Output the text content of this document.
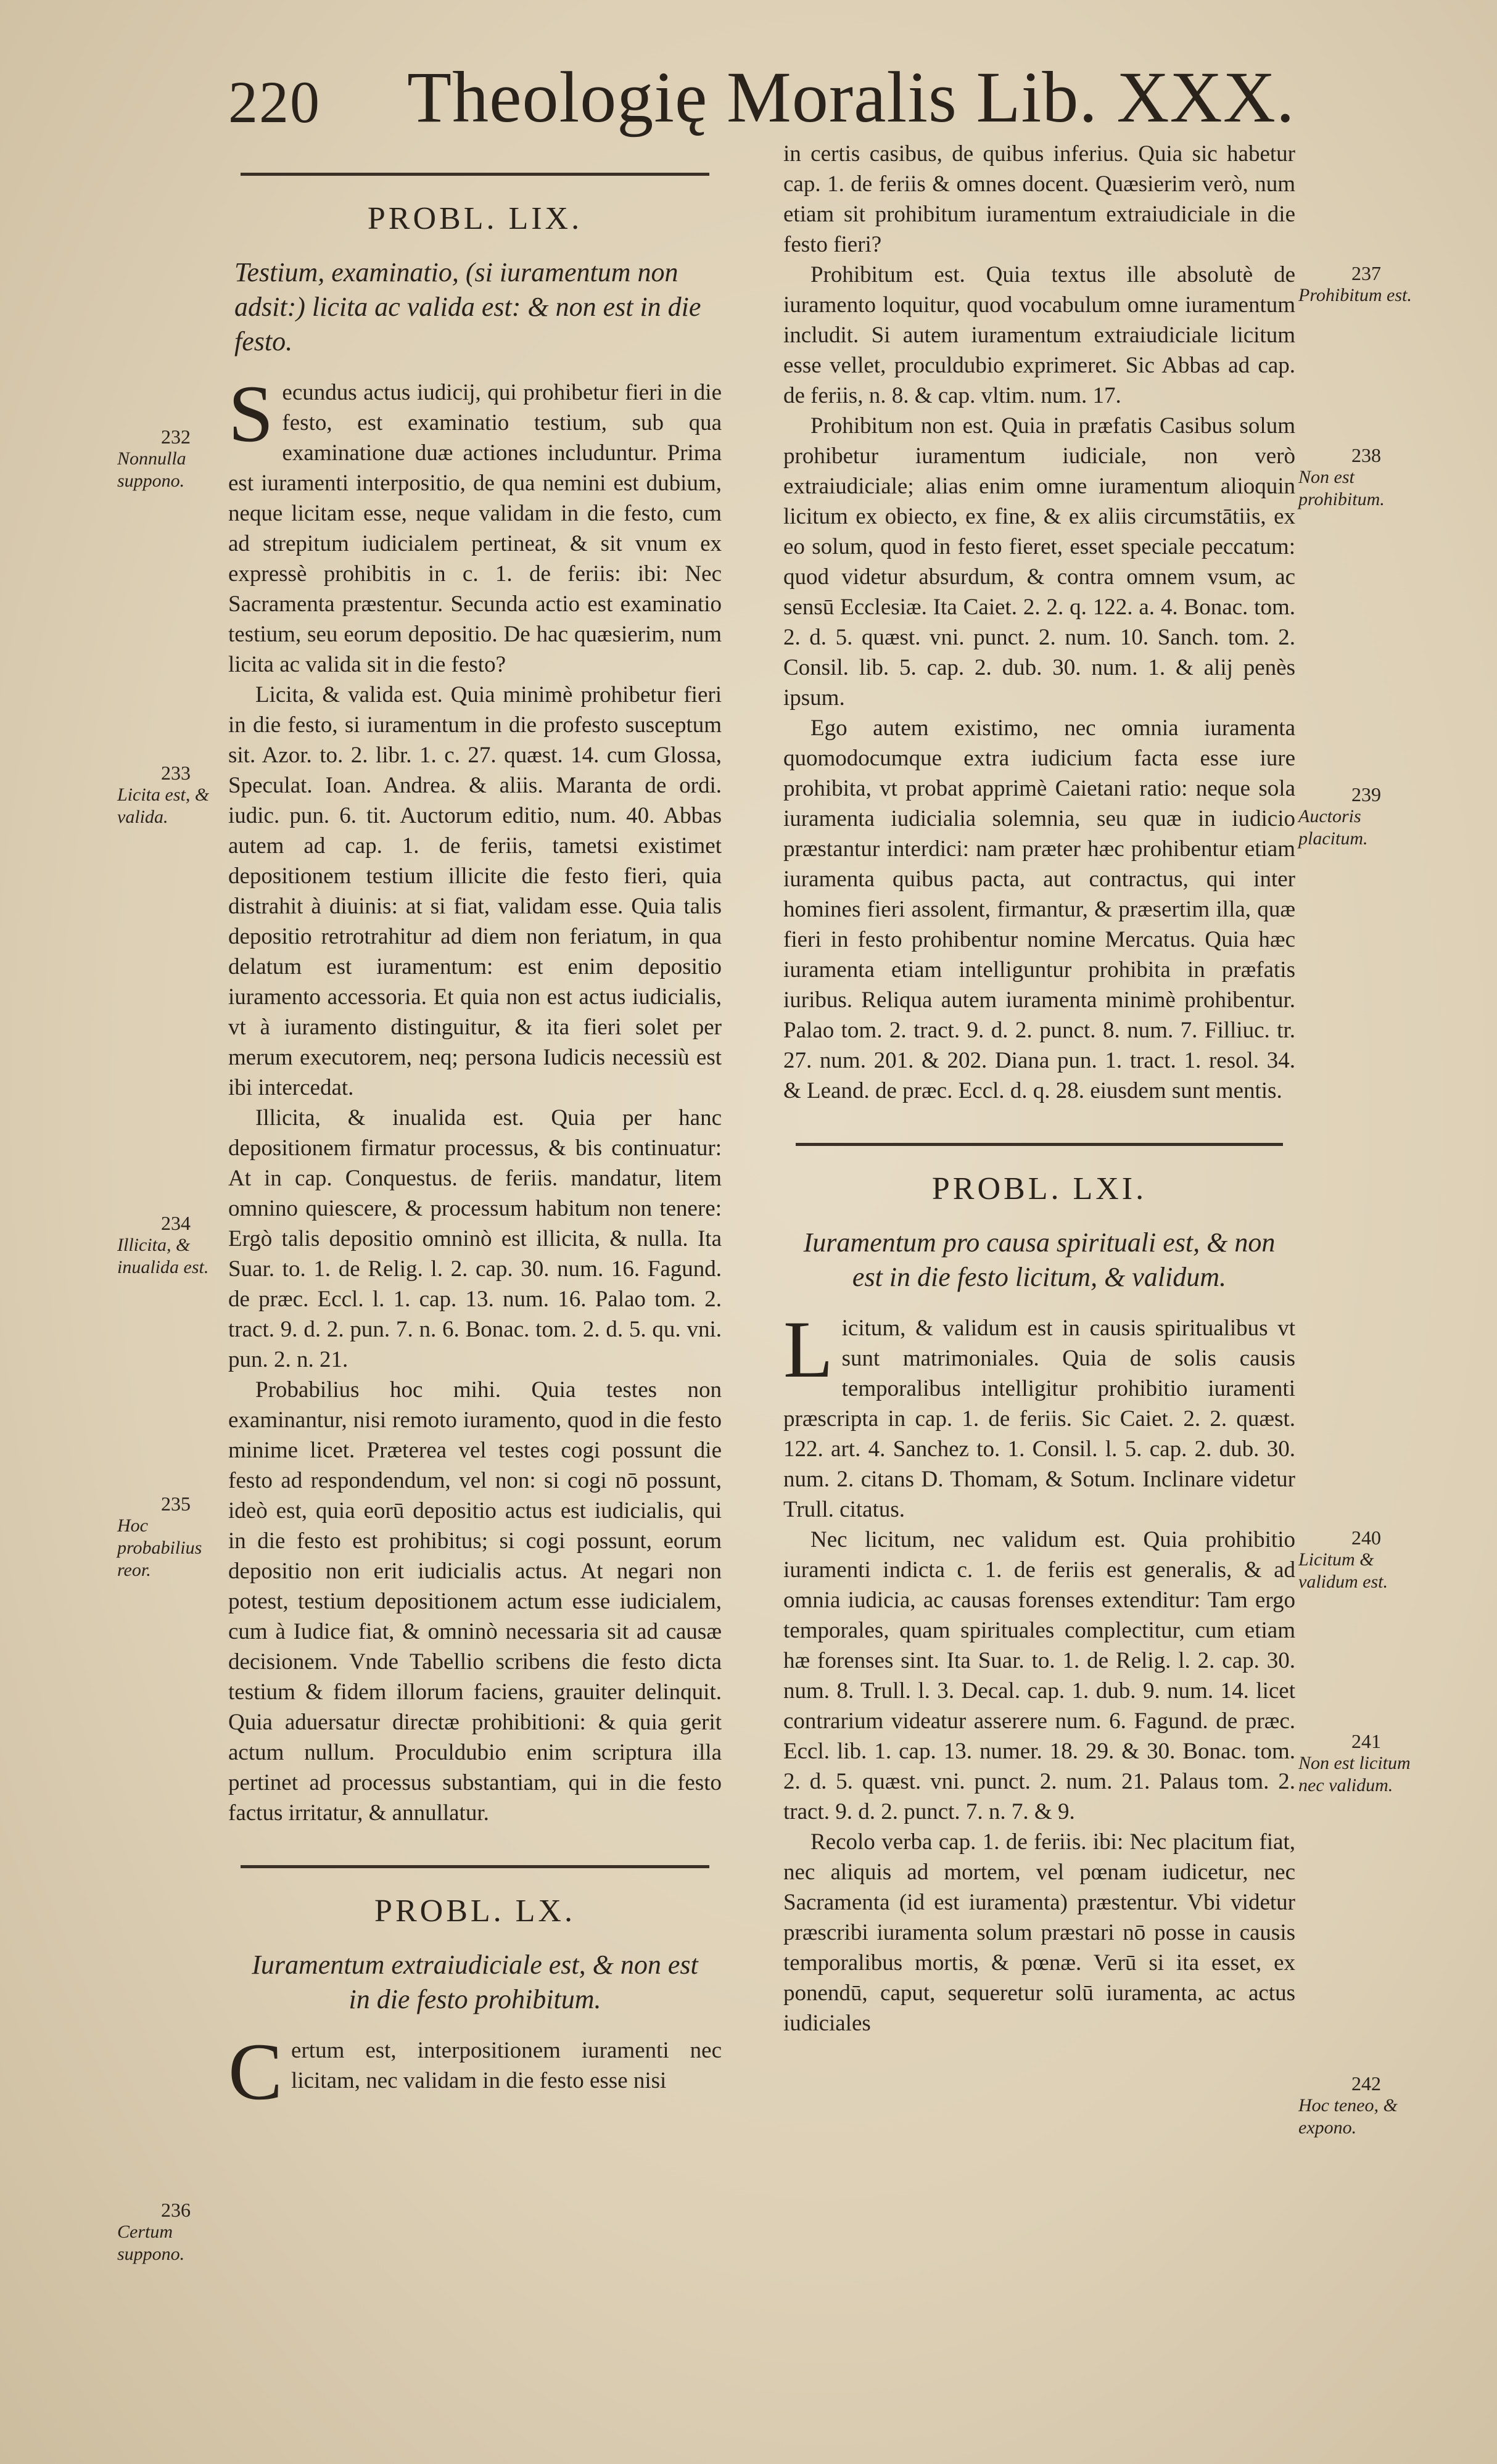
220 Theologię Moralis Lib. XXX.
PROBL. LIX.

Testium, examinatio, (si iuramentum non adsit:) licita ac valida est: & non est in die festo.

Secundus actus iudicij, qui prohibetur fieri in die festo, est examinatio testium, sub qua examinatione duæ actiones includuntur. Prima est iuramenti interpositio, de qua nemini est dubium, neque licitam esse, neque validam in die festo, cum ad strepitum iudicialem pertineat, & sit vnum ex expressè prohibitis in c. 1. de feriis: ibi: Nec Sacramenta præstentur. Secunda actio est examinatio testium, seu eorum depositio. De hac quæsierim, num licita ac valida sit in die festo?

Licita, & valida est. Quia minimè prohibetur fieri in die festo, si iuramentum in die profesto susceptum sit. Azor. to. 2. libr. 1. c. 27. quæst. 14. cum Glossa, Speculat. Ioan. Andrea. & aliis. Maranta de ordi. iudic. pun. 6. tit. Auctorum editio, num. 40. Abbas autem ad cap. 1. de feriis, tametsi existimet depositionem testium illicite die festo fieri, quia distrahit à diuinis: at si fiat, validam esse. Quia talis depositio retrotrahitur ad diem non feriatum, in qua delatum est iuramentum: est enim depositio iuramento accessoria. Et quia non est actus iudicialis, vt à iuramento distinguitur, & ita fieri solet per merum executorem, neq; persona Iudicis necessiù est ibi intercedat.

Illicita, & inualida est. Quia per hanc depositionem firmatur processus, & bis continuatur: At in cap. Conquestus. de feriis. mandatur, litem omnino quiescere, & processum habitum non tenere: Ergò talis depositio omninò est illicita, & nulla. Ita Suar. to. 1. de Relig. l. 2. cap. 30. num. 16. Fagund. de præc. Eccl. l. 1. cap. 13. num. 16. Palao tom. 2. tract. 9. d. 2. pun. 7. n. 6. Bonac. tom. 2. d. 5. qu. vni. pun. 2. n. 21.

Probabilius hoc mihi. Quia testes non examinantur, nisi remoto iuramento, quod in die festo minime licet. Præterea vel testes cogi possunt die festo ad respondendum, vel non: si cogi nō possunt, ideò est, quia eorū depositio actus est iudicialis, qui in die festo est prohibitus; si cogi possunt, eorum depositio non erit iudicialis actus. At negari non potest, testium depositionem actum esse iudicialem, cum à Iudice fiat, & omninò necessaria sit ad causæ decisionem. Vnde Tabellio scribens die festo dicta testium & fidem illorum faciens, grauiter delinquit. Quia aduersatur directæ prohibitioni: & quia gerit actum nullum. Proculdubio enim scriptura illa pertinet ad processus substantiam, qui in die festo factus irritatur, & annullatur.

PROBL. LX.

Iuramentum extraiudiciale est, & non est in die festo prohibitum.

Certum est, interpositionem iuramenti nec licitam, nec validam in die festo esse nisi

232
Nonnulla suppono.
233
Licita est, & valida.
234
Illicita, & inualida est.
235
Hoc probabilius reor.
236
Certum suppono.

in certis casibus, de quibus inferius. Quia sic habetur cap. 1. de feriis & omnes docent. Quæsierim verò, num etiam sit prohibitum iuramentum extraiudiciale in die festo fieri?

Prohibitum est. Quia textus ille absolutè de iuramento loquitur, quod vocabulum omne iuramentum includit. Si autem iuramentum extraiudiciale licitum esse vellet, proculdubio exprimeret. Sic Abbas ad cap. de feriis, n. 8. & cap. vltim. num. 17.

Prohibitum non est. Quia in præfatis Casibus solum prohibetur iuramentum iudiciale, non verò extraiudiciale; alias enim omne iuramentum alioquin licitum ex obiecto, ex fine, & ex aliis circumstātiis, ex eo solum, quod in festo fieret, esset speciale peccatum: quod videtur absurdum, & contra omnem vsum, ac sensū Ecclesiæ. Ita Caiet. 2. 2. q. 122. a. 4. Bonac. tom. 2. d. 5. quæst. vni. punct. 2. num. 10. Sanch. tom. 2. Consil. lib. 5. cap. 2. dub. 30. num. 1. & alij penès ipsum.

Ego autem existimo, nec omnia iuramenta quomodocumque extra iudicium facta esse iure prohibita, vt probat apprimè Caietani ratio: neque sola iuramenta iudicialia solemnia, seu quæ in iudicio præstantur interdici: nam præter hæc prohibentur etiam iuramenta quibus pacta, aut contractus, qui inter homines fieri assolent, firmantur, & præsertim illa, quæ fieri in festo prohibentur nomine Mercatus. Quia hæc iuramenta etiam intelliguntur prohibita in præfatis iuribus. Reliqua autem iuramenta minimè prohibentur. Palao tom. 2. tract. 9. d. 2. punct. 8. num. 7. Filliuc. tr. 27. num. 201. & 202. Diana pun. 1. tract. 1. resol. 34. & Leand. de præc. Eccl. d. q. 28. eiusdem sunt mentis.

PROBL. LXI.

Iuramentum pro causa spirituali est, & non est in die festo licitum, & validum.

Licitum, & validum est in causis spiritualibus vt sunt matrimoniales. Quia de solis causis temporalibus intelligitur prohibitio iuramenti præscripta in cap. 1. de feriis. Sic Caiet. 2. 2. quæst. 122. art. 4. Sanchez to. 1. Consil. l. 5. cap. 2. dub. 30. num. 2. citans D. Thomam, & Sotum. Inclinare videtur Trull. citatus.

Nec licitum, nec validum est. Quia prohibitio iuramenti indicta c. 1. de feriis est generalis, & ad omnia iudicia, ac causas forenses extenditur: Tam ergo temporales, quam spirituales complectitur, cum etiam hæ forenses sint. Ita Suar. to. 1. de Relig. l. 2. cap. 30. num. 8. Trull. l. 3. Decal. cap. 1. dub. 9. num. 14. licet contrarium videatur asserere num. 6. Fagund. de præc. Eccl. lib. 1. cap. 13. numer. 18. 29. & 30. Bonac. tom. 2. d. 5. quæst. vni. punct. 2. num. 21. Palaus tom. 2. tract. 9. d. 2. punct. 7. n. 7. & 9.

Recolo verba cap. 1. de feriis. ibi: Nec placitum fiat, nec aliquis ad mortem, vel pœnam iudicetur, nec Sacramenta (id est iuramenta) præstentur. Vbi videtur præscribi iuramenta solum præstari nō posse in causis temporalibus mortis, & pœnæ. Verū si ita esset, ex ponendū, caput, sequeretur solū iuramenta, ac actus iudiciales

237
Prohibitum est.
238
Non est prohibitum.
239
Auctoris placitum.
240
Licitum & validum est.
241
Non est licitum nec validum.
242
Hoc teneo, & expono.
